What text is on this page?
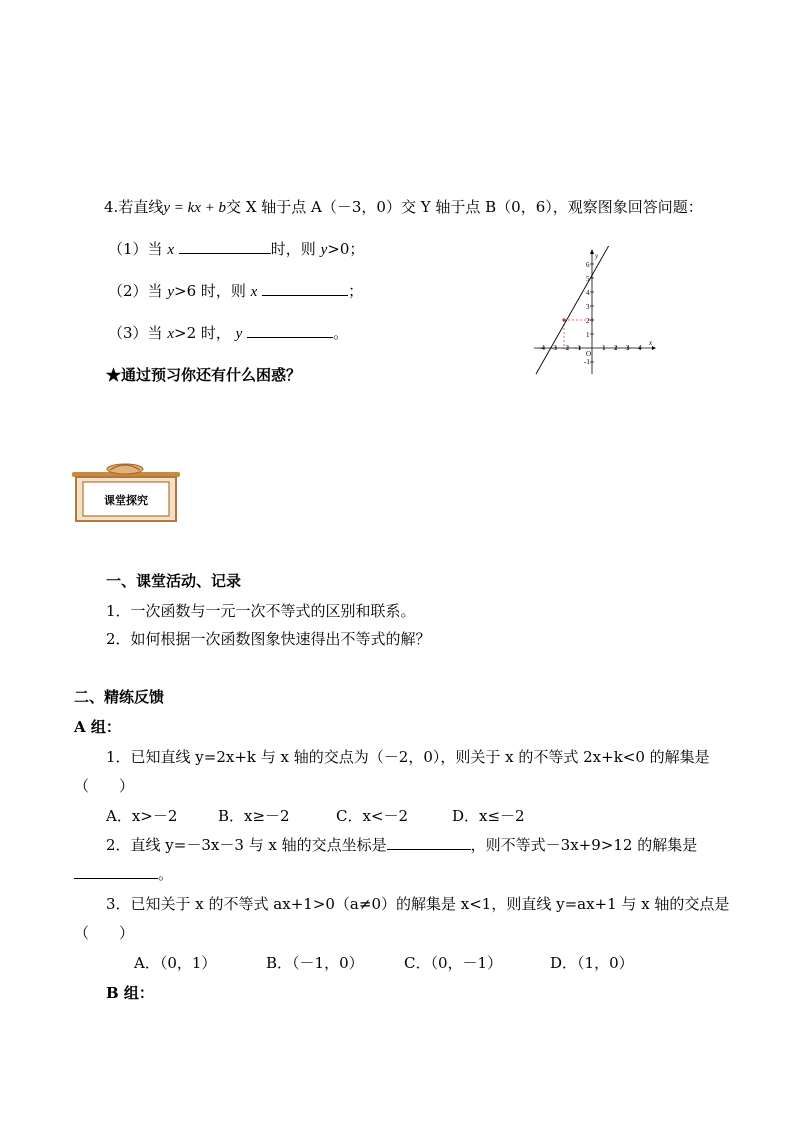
4.若直线y = kx + b交 X 轴于点 A（－3，0）交 Y 轴于点 B（0，6），观察图象回答问题：
（1）当 x	时，则 y>0；
（2）当 y>6 时，则 x	；
（3）当 x>2 时， y	。
★通过预习你还有什么困惑？
x
y
O
6
5
4
3
2
1
-1
-4 -3 -2 -1	1 2 3 4
课堂探究
一、课堂活动、记录
1．一次函数与一元一次不等式的区别和联系。
2．如何根据一次函数图象快速得出不等式的解？
二、精练反馈
A 组：
1．已知直线 y=2x+k 与 x 轴的交点为（－2，0），则关于 x 的不等式 2x+k<0 的解集是
（　　）
A．x>－2	B．x≥－2	C．x<－2	D．x≤－2
2．直线 y=－3x－3 与 x 轴的交点坐标是	，则不等式－3x+9>12 的解集是
。
3．已知关于 x 的不等式 ax+1>0（a≠0）的解集是 x<1，则直线 y=ax+1 与 x 轴的交点是
（　　）
A．（0，1）	B．（－1，0）	C．（0，－1）	D．（1，0）
B 组：
